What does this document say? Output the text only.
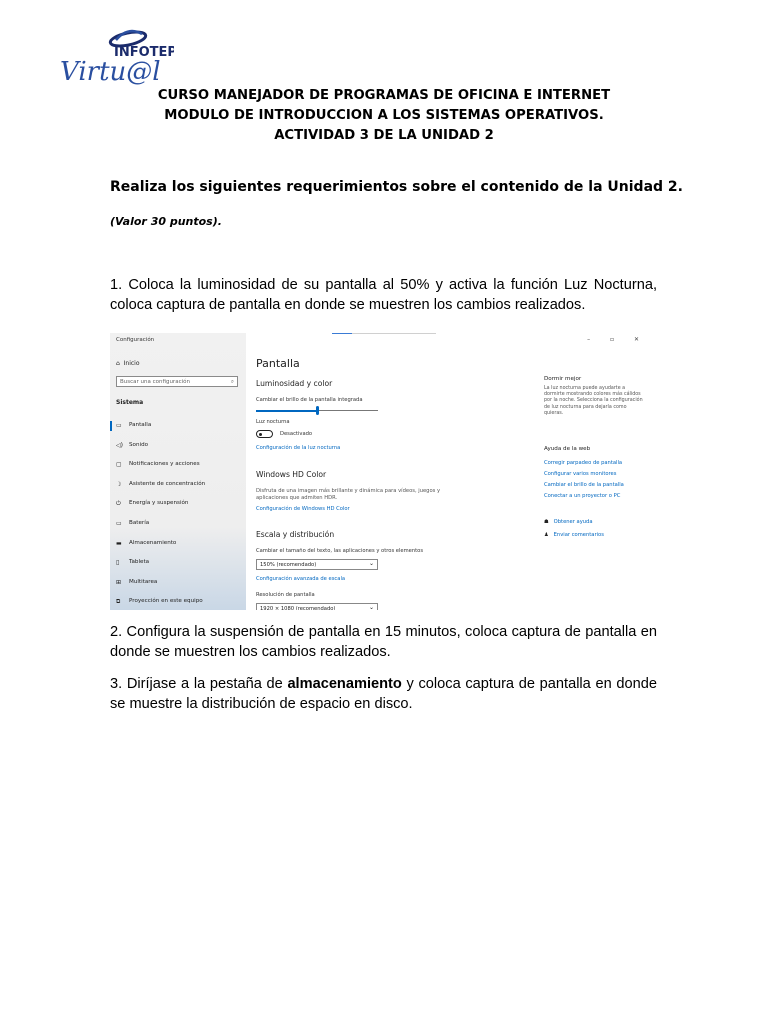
INFOTEP
Virtu@l
CURSO MANEJADOR DE PROGRAMAS DE OFICINA E INTERNET
MODULO DE INTRODUCCION A LOS SISTEMAS OPERATIVOS.
ACTIVIDAD 3 DE LA UNIDAD 2
Realiza los siguientes requerimientos sobre el contenido de la Unidad 2.
(Valor 30 puntos).
1. Coloca la luminosidad de su pantalla al 50% y activa la función Luz Nocturna, coloca captura de pantalla en donde se muestren los cambios realizados.
Configuración
⌂ Inicio
Buscar una configuración	⌕
Sistema
▭ Pantalla
◁) Sonido
▢ Notificaciones y acciones
☽ Asistente de concentración
⏻ Energía y suspensión
▭ Batería
▬ Almacenamiento
▯ Tableta
⊞ Multitarea
⧉ Proyección en este equipo
– ▫ ✕
Pantalla
Luminosidad y color
Cambiar el brillo de la pantalla integrada
Luz nocturna
Desactivado
Configuración de la luz nocturna
Windows HD Color
Disfruta de una imagen más brillante y dinámica para vídeos, juegos y aplicaciones que admiten HDR.
Configuración de Windows HD Color
Escala y distribución
Cambiar el tamaño del texto, las aplicaciones y otros elementos
150% (recomendado)	⌄
Configuración avanzada de escala
Resolución de pantalla
1920 × 1080 (recomendado)	⌄
Dormir mejor
La luz nocturna puede ayudarte a dormirte mostrando colores más cálidos por la noche. Selecciona la configuración de luz nocturna para dejarla como quieras.
Ayuda de la web
Corregir parpadeo de pantalla
Configurar varios monitores
Cambiar el brillo de la pantalla
Conectar a un proyector o PC
☗ Obtener ayuda
♟ Enviar comentarios
2. Configura la suspensión de pantalla en 15 minutos, coloca captura de pantalla en donde se muestren los cambios realizados.
3. Diríjase a la pestaña de almacenamiento y coloca captura de pantalla en donde se muestre la distribución de espacio en disco.
